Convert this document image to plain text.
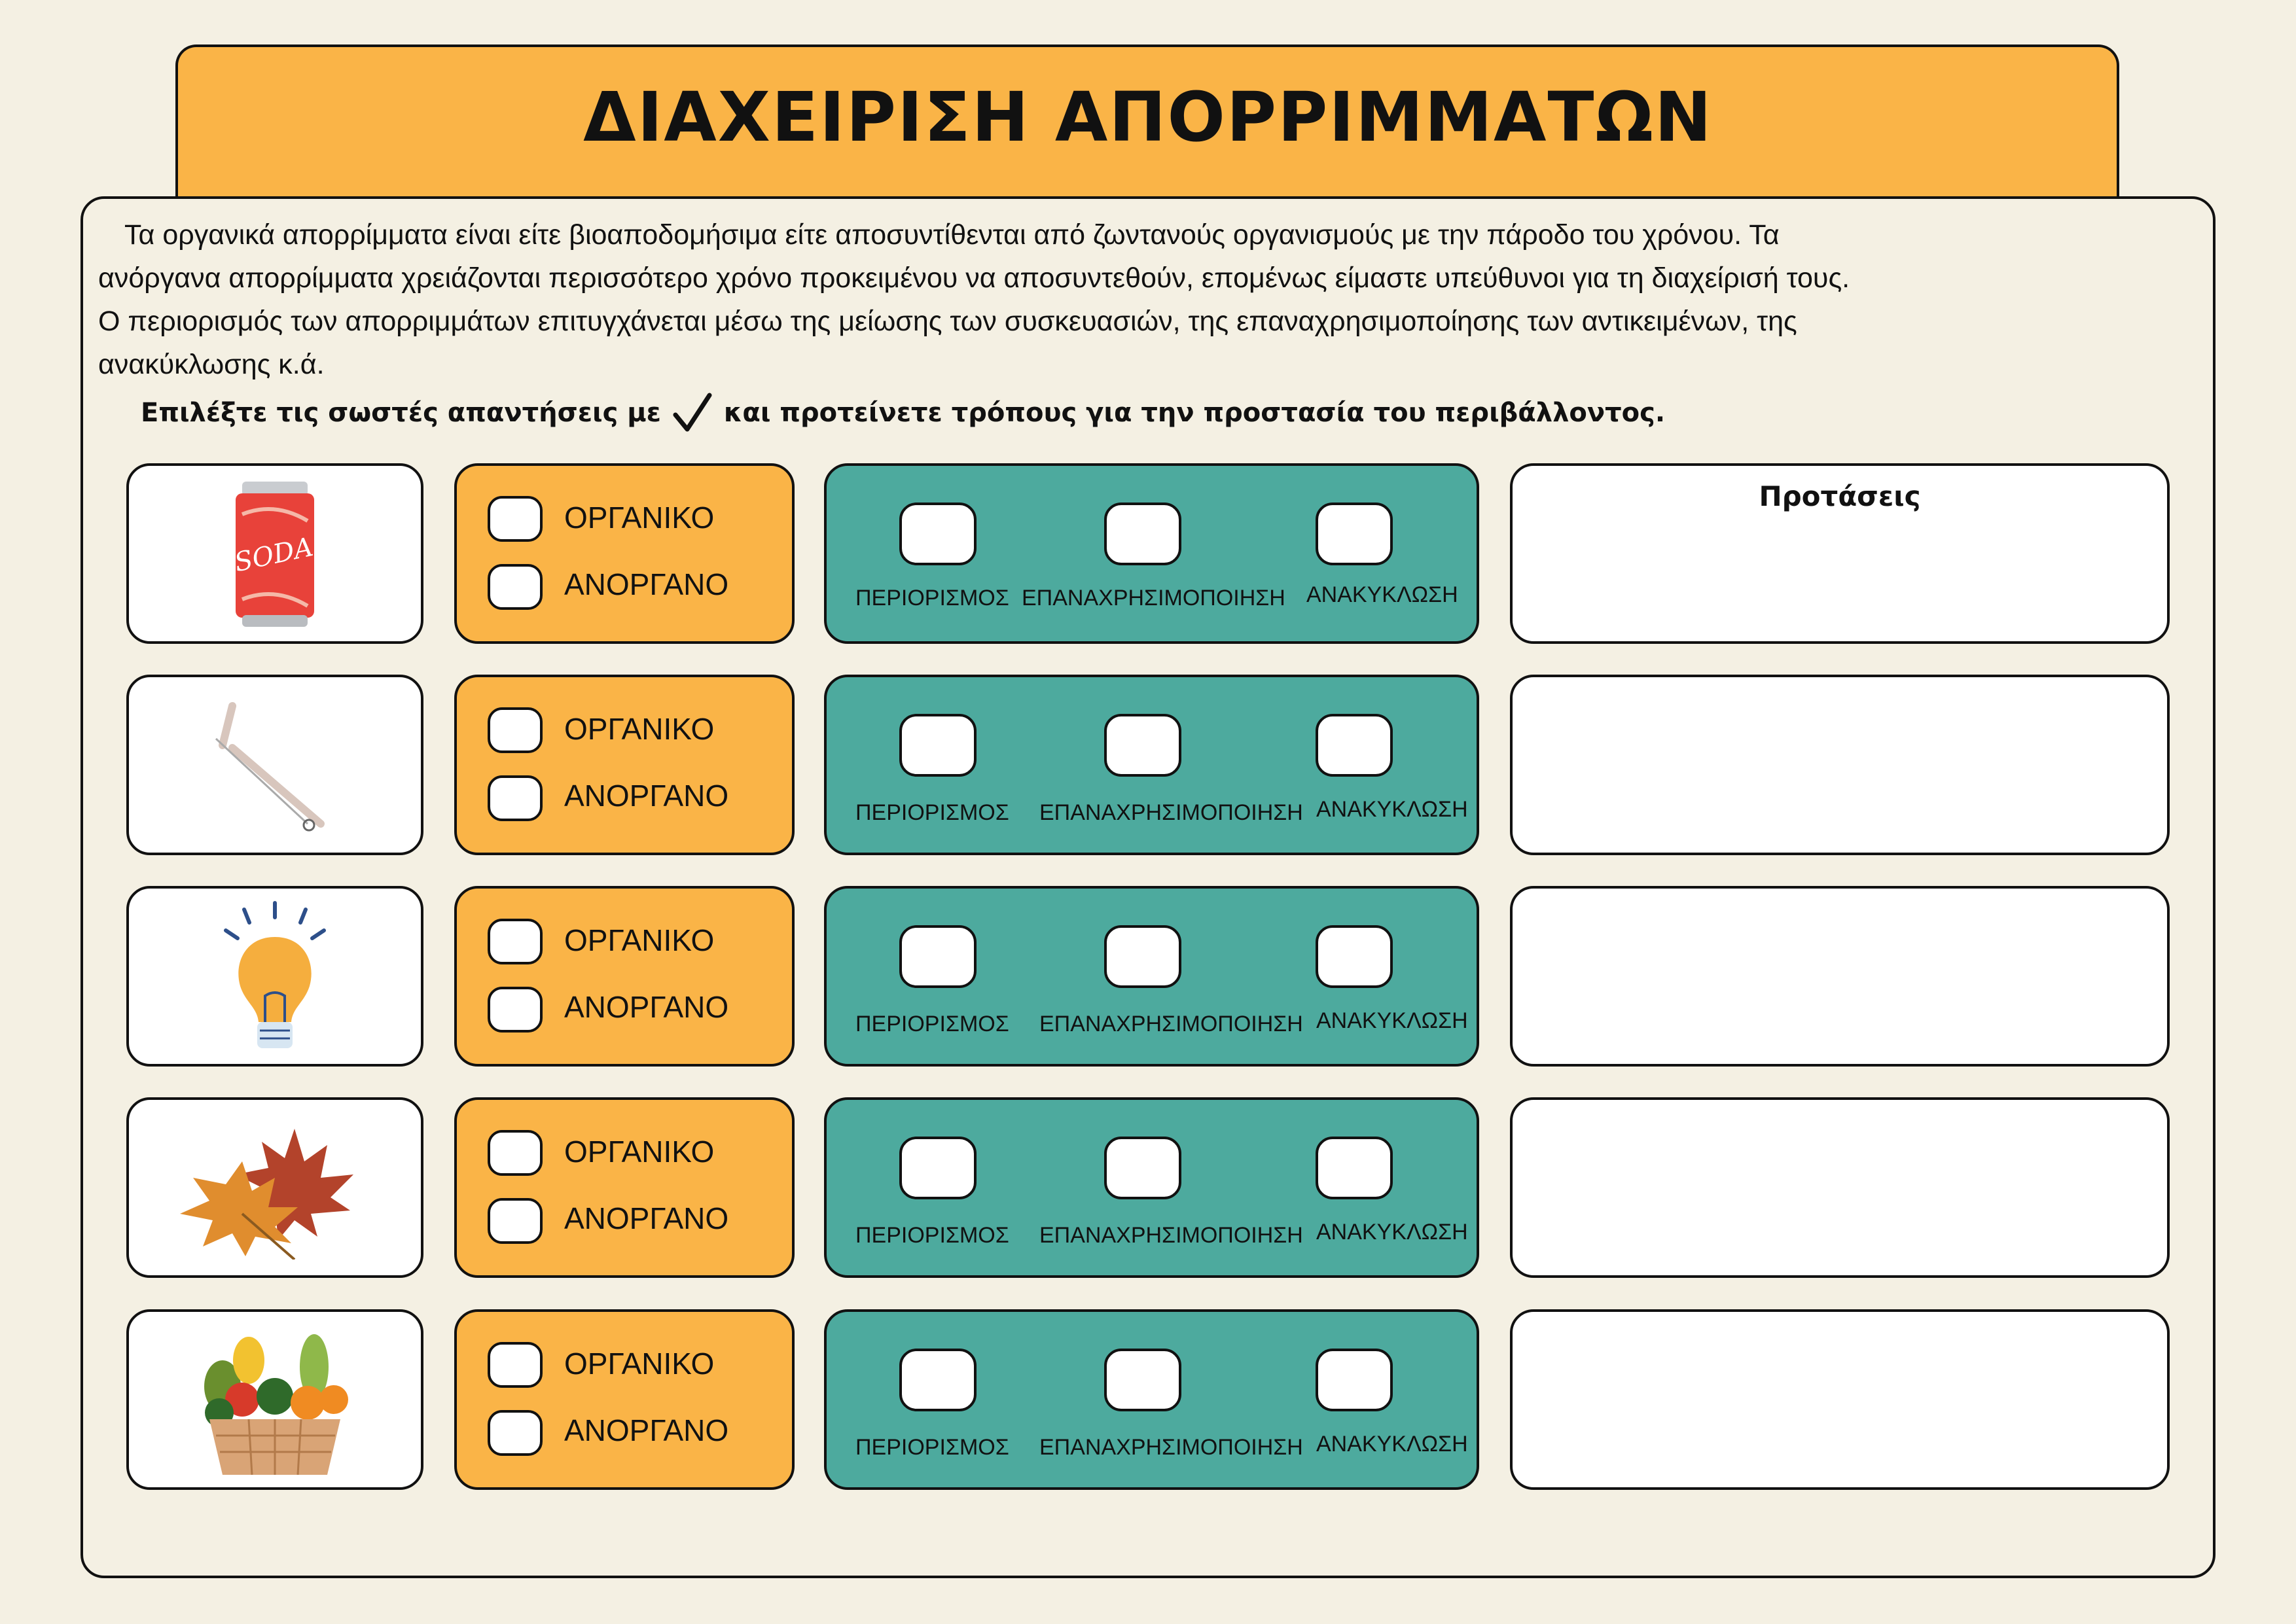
ΔΙΑΧΕΙΡΙΣΗ ΑΠΟΡΡΙΜΜΑΤΩΝ
Τα οργανικά απορρίμματα είναι είτε βιοαποδομήσιμα είτε αποσυντίθενται από ζωντανούς οργανισμούς με την πάροδο του χρόνου. Τα
ανόργανα απορρίμματα χρειάζονται περισσότερο χρόνο προκειμένου να αποσυντεθούν, επομένως είμαστε υπεύθυνοι για τη διαχείρισή τους.
Ο περιορισμός των απορριμμάτων επιτυγχάνεται μέσω της μείωσης των συσκευασιών, της επαναχρησιμοποίησης των αντικειμένων, της
ανακύκλωσης κ.ά.
Επιλέξτε τις σωστές απαντήσεις με και προτείνετε τρόπους για την προστασία του περιβάλλοντος.
SODA
ΟΡΓΑΝΙΚΟ
ΑΝΟΡΓΑΝΟ	ΠΕΡΙΟΡΙΣΜΟΣ ΕΠΑΝΑΧΡΗΣΙΜΟΠΟΙΗΣΗ ΑΝΑΚΥΚΛΩΣΗ
Προτάσεις
ΟΡΓΑΝΙΚΟ
ΑΝΟΡΓΑΝΟ	ΠΕΡΙΟΡΙΣΜΟΣ ΕΠΑΝΑΧΡΗΣΙΜΟΠΟΙΗΣΗ ΑΝΑΚΥΚΛΩΣΗ
ΟΡΓΑΝΙΚΟ
ΑΝΟΡΓΑΝΟ	ΠΕΡΙΟΡΙΣΜΟΣ ΕΠΑΝΑΧΡΗΣΙΜΟΠΟΙΗΣΗ ΑΝΑΚΥΚΛΩΣΗ
ΟΡΓΑΝΙΚΟ
ΑΝΟΡΓΑΝΟ	ΠΕΡΙΟΡΙΣΜΟΣ ΕΠΑΝΑΧΡΗΣΙΜΟΠΟΙΗΣΗ ΑΝΑΚΥΚΛΩΣΗ
ΟΡΓΑΝΙΚΟ
ΑΝΟΡΓΑΝΟ	ΠΕΡΙΟΡΙΣΜΟΣ ΕΠΑΝΑΧΡΗΣΙΜΟΠΟΙΗΣΗ ΑΝΑΚΥΚΛΩΣΗ
